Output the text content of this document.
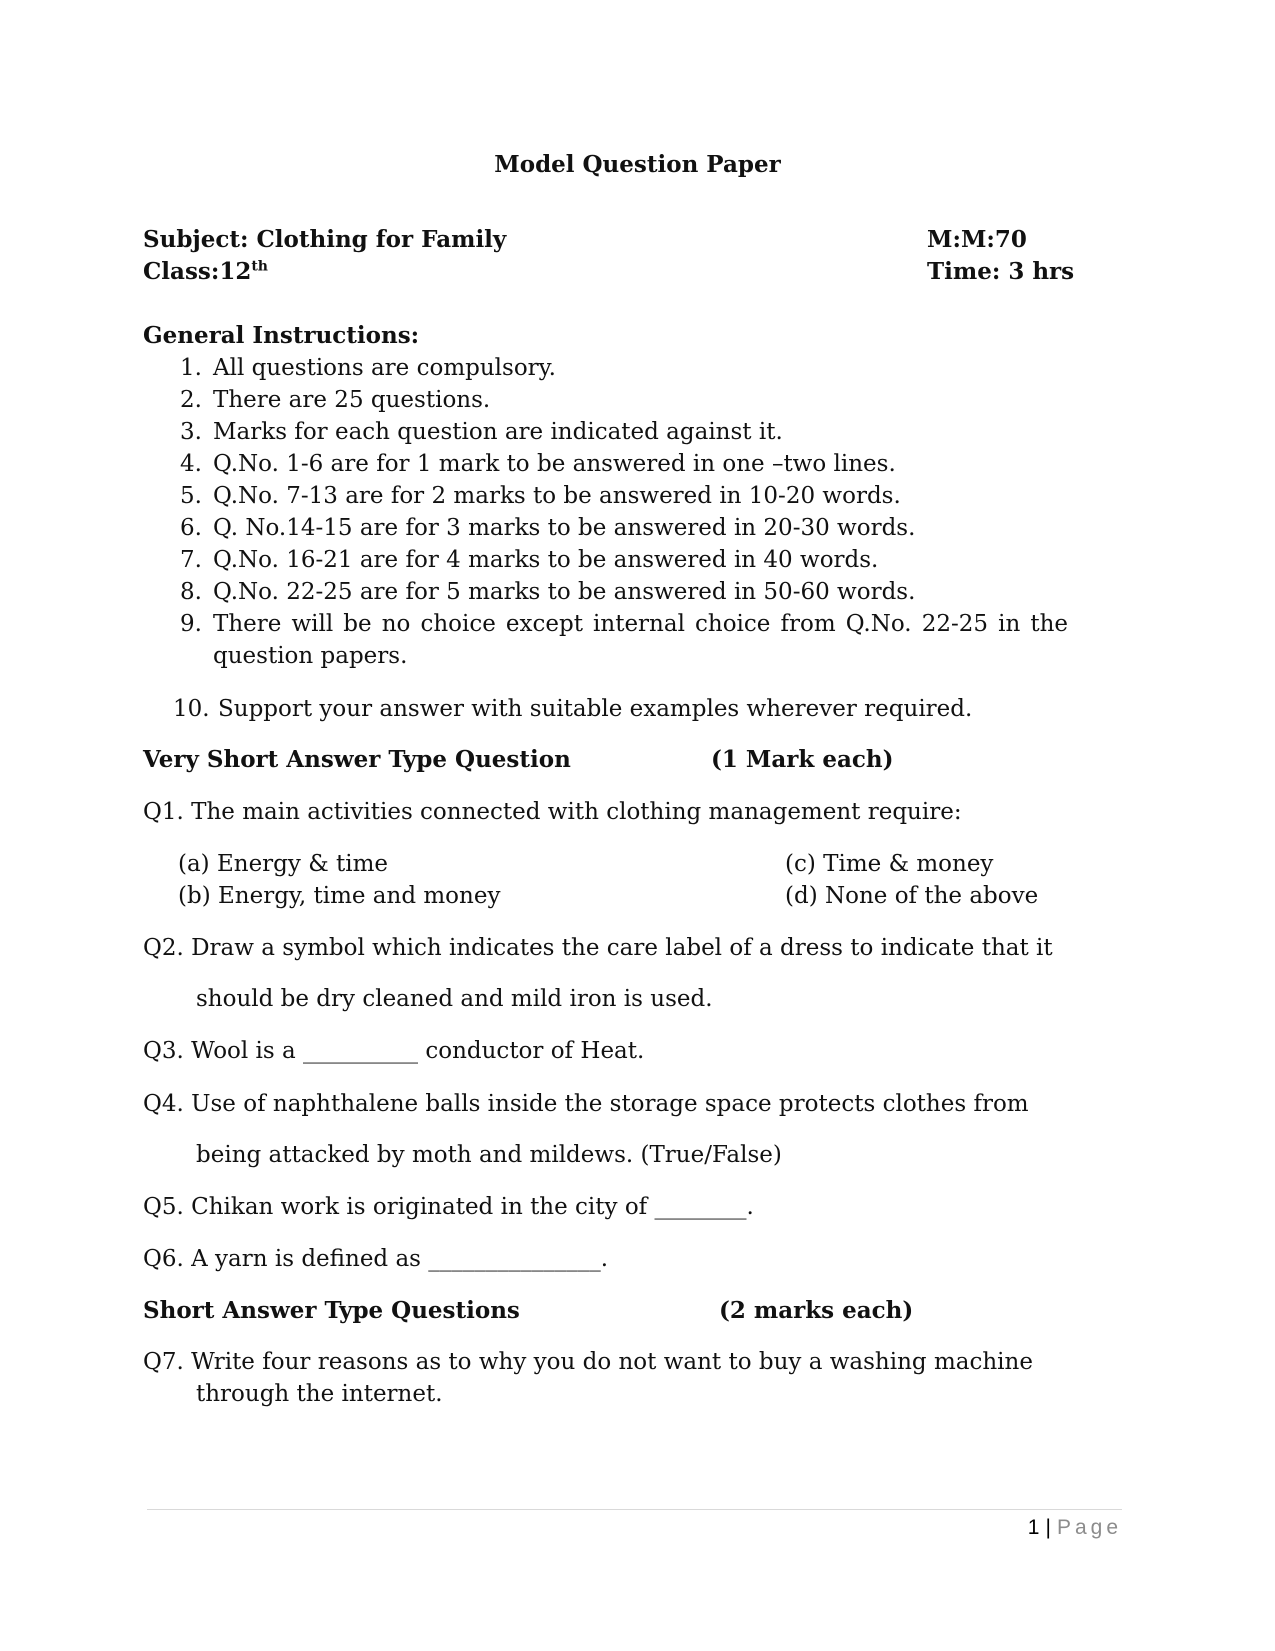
Model Question Paper
Subject: Clothing for Family	M:M:70
Class:12th	Time: 3 hrs
General Instructions:
1. All questions are compulsory.
2. There are 25 questions.
3. Marks for each question are indicated against it.
4. Q.No. 1-6 are for 1 mark to be answered in one –two lines.
5. Q.No. 7-13 are for 2 marks to be answered in 10-20 words.
6. Q. No.14-15 are for 3 marks to be answered in 20-30 words.
7. Q.No. 16-21 are for 4 marks to be answered in 40 words.
8. Q.No. 22-25 are for 5 marks to be answered in 50-60 words.
9. There will be no choice except internal choice from Q.No. 22-25 in the
question papers.
10. Support your answer with suitable examples wherever required.
Very Short Answer Type Question	(1 Mark each)
Q1. The main activities connected with clothing management require:
(a) Energy & time
(b) Energy, time and money
(c) Time & money
(d) None of the above
Q2. Draw a symbol which indicates the care label of a dress to indicate that it
should be dry cleaned and mild iron is used.
Q3. Wool is a __________ conductor of Heat.
Q4. Use of naphthalene balls inside the storage space protects clothes from
being attacked by moth and mildews. (True/False)
Q5. Chikan work is originated in the city of ________.
Q6. A yarn is defined as _______________.
Short Answer Type Questions	(2 marks each)
Q7. Write four reasons as to why you do not want to buy a washing machine
through the internet.
1 | Page
